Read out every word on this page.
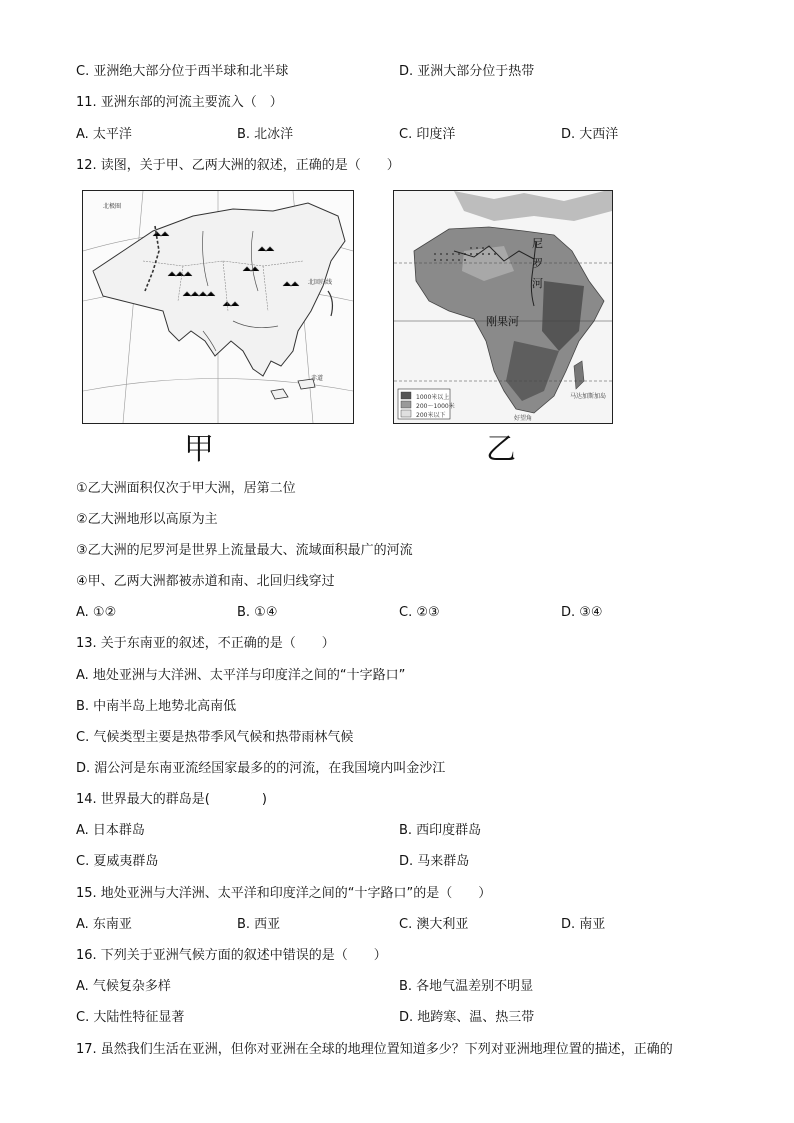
C. 亚洲绝大部分位于西半球和北半球	D. 亚洲大部分位于热带
11. 亚洲东部的河流主要流入（　）
A. 太平洋	B. 北冰洋	C. 印度洋	D. 大西洋
12. 读图，关于甲、乙两大洲的叙述，正确的是（　　）
北极圈
北回归线
赤道
尼
罗
河
刚果河
好望角
马达加斯加岛
1000米以上
200～1000米
200米以下
甲	乙
①乙大洲面积仅次于甲大洲，居第二位
②乙大洲地形以高原为主
③乙大洲的尼罗河是世界上流量最大、流域面积最广的河流
④甲、乙两大洲都被赤道和南、北回归线穿过
A. ①②	B. ①④	C. ②③	D. ③④
13. 关于东南亚的叙述，不正确的是（　　）
A. 地处亚洲与大洋洲、太平洋与印度洋之间的“十字路口”
B. 中南半岛上地势北高南低
C. 气候类型主要是热带季风气候和热带雨林气候
D. 湄公河是东南亚流经国家最多的的河流，在我国境内叫金沙江
14. 世界最大的群岛是(　　　　)
A. 日本群岛	B. 西印度群岛
C. 夏威夷群岛	D. 马来群岛
15. 地处亚洲与大洋洲、太平洋和印度洋之间的“十字路口”的是（　　）
A. 东南亚	B. 西亚	C. 澳大利亚	D. 南亚
16. 下列关于亚洲气候方面的叙述中错误的是（　　）
A. 气候复杂多样	B. 各地气温差别不明显
C. 大陆性特征显著	D. 地跨寒、温、热三带
17. 虽然我们生活在亚洲，但你对亚洲在全球的地理位置知道多少？下列对亚洲地理位置的描述，正确的
